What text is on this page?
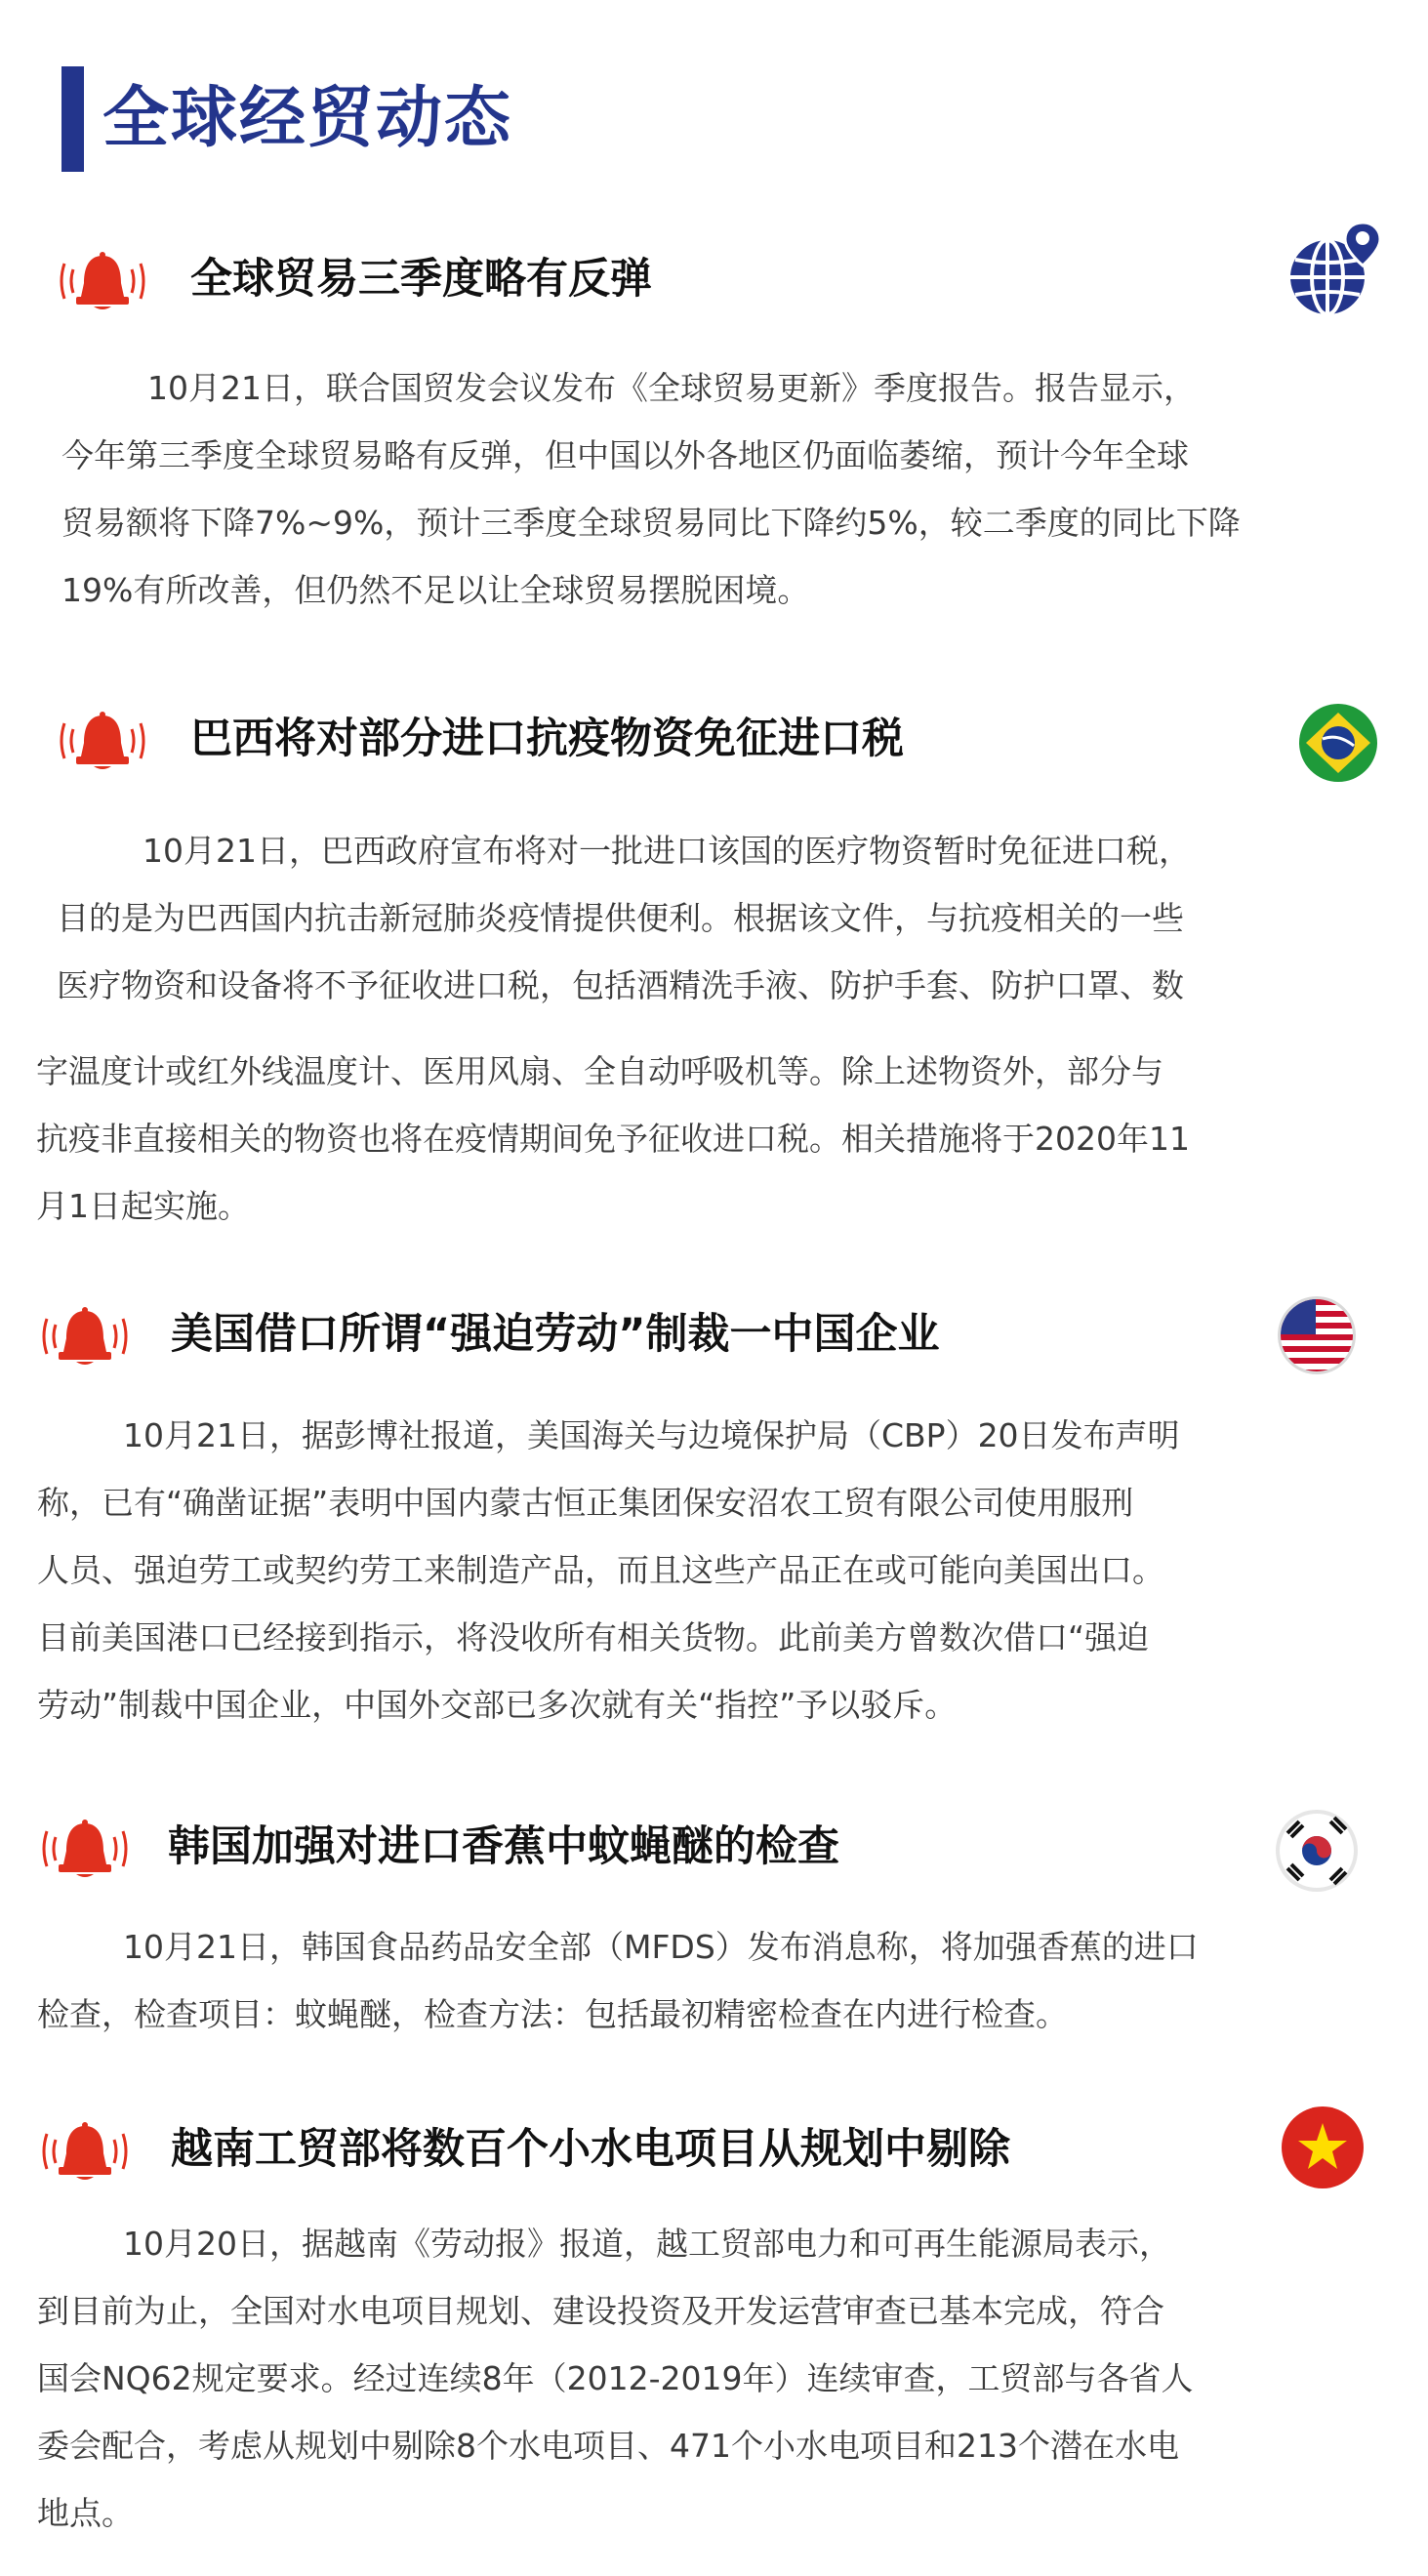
全球经贸动态
全球贸易三季度略有反弹
10月21日，联合国贸发会议发布《全球贸易更新》季度报告。报告显示，
今年第三季度全球贸易略有反弹，但中国以外各地区仍面临萎缩，预计今年全球
贸易额将下降7%~9%，预计三季度全球贸易同比下降约5%，较二季度的同比下降
19%有所改善，但仍然不足以让全球贸易摆脱困境。
巴西将对部分进口抗疫物资免征进口税
10月21日，巴西政府宣布将对一批进口该国的医疗物资暂时免征进口税，
目的是为巴西国内抗击新冠肺炎疫情提供便利。根据该文件，与抗疫相关的一些
医疗物资和设备将不予征收进口税，包括酒精洗手液、防护手套、防护口罩、数
字温度计或红外线温度计、医用风扇、全自动呼吸机等。除上述物资外，部分与
抗疫非直接相关的物资也将在疫情期间免予征收进口税。相关措施将于2020年11
月1日起实施。
美国借口所谓“强迫劳动”制裁一中国企业
10月21日，据彭博社报道，美国海关与边境保护局（CBP）20日发布声明
称，已有“确凿证据”表明中国内蒙古恒正集团保安沼农工贸有限公司使用服刑
人员、强迫劳工或契约劳工来制造产品，而且这些产品正在或可能向美国出口。
目前美国港口已经接到指示，将没收所有相关货物。此前美方曾数次借口“强迫
劳动”制裁中国企业，中国外交部已多次就有关“指控”予以驳斥。
韩国加强对进口香蕉中蚊蝇醚的检查
10月21日，韩国食品药品安全部（MFDS）发布消息称，将加强香蕉的进口
检查，检查项目：蚊蝇醚，检查方法：包括最初精密检查在内进行检查。
越南工贸部将数百个小水电项目从规划中剔除
10月20日，据越南《劳动报》报道，越工贸部电力和可再生能源局表示，
到目前为止，全国对水电项目规划、建设投资及开发运营审查已基本完成，符合
国会NQ62规定要求。经过连续8年（2012-2019年）连续审查，工贸部与各省人
委会配合，考虑从规划中剔除8个水电项目、471个小水电项目和213个潜在水电
地点。
